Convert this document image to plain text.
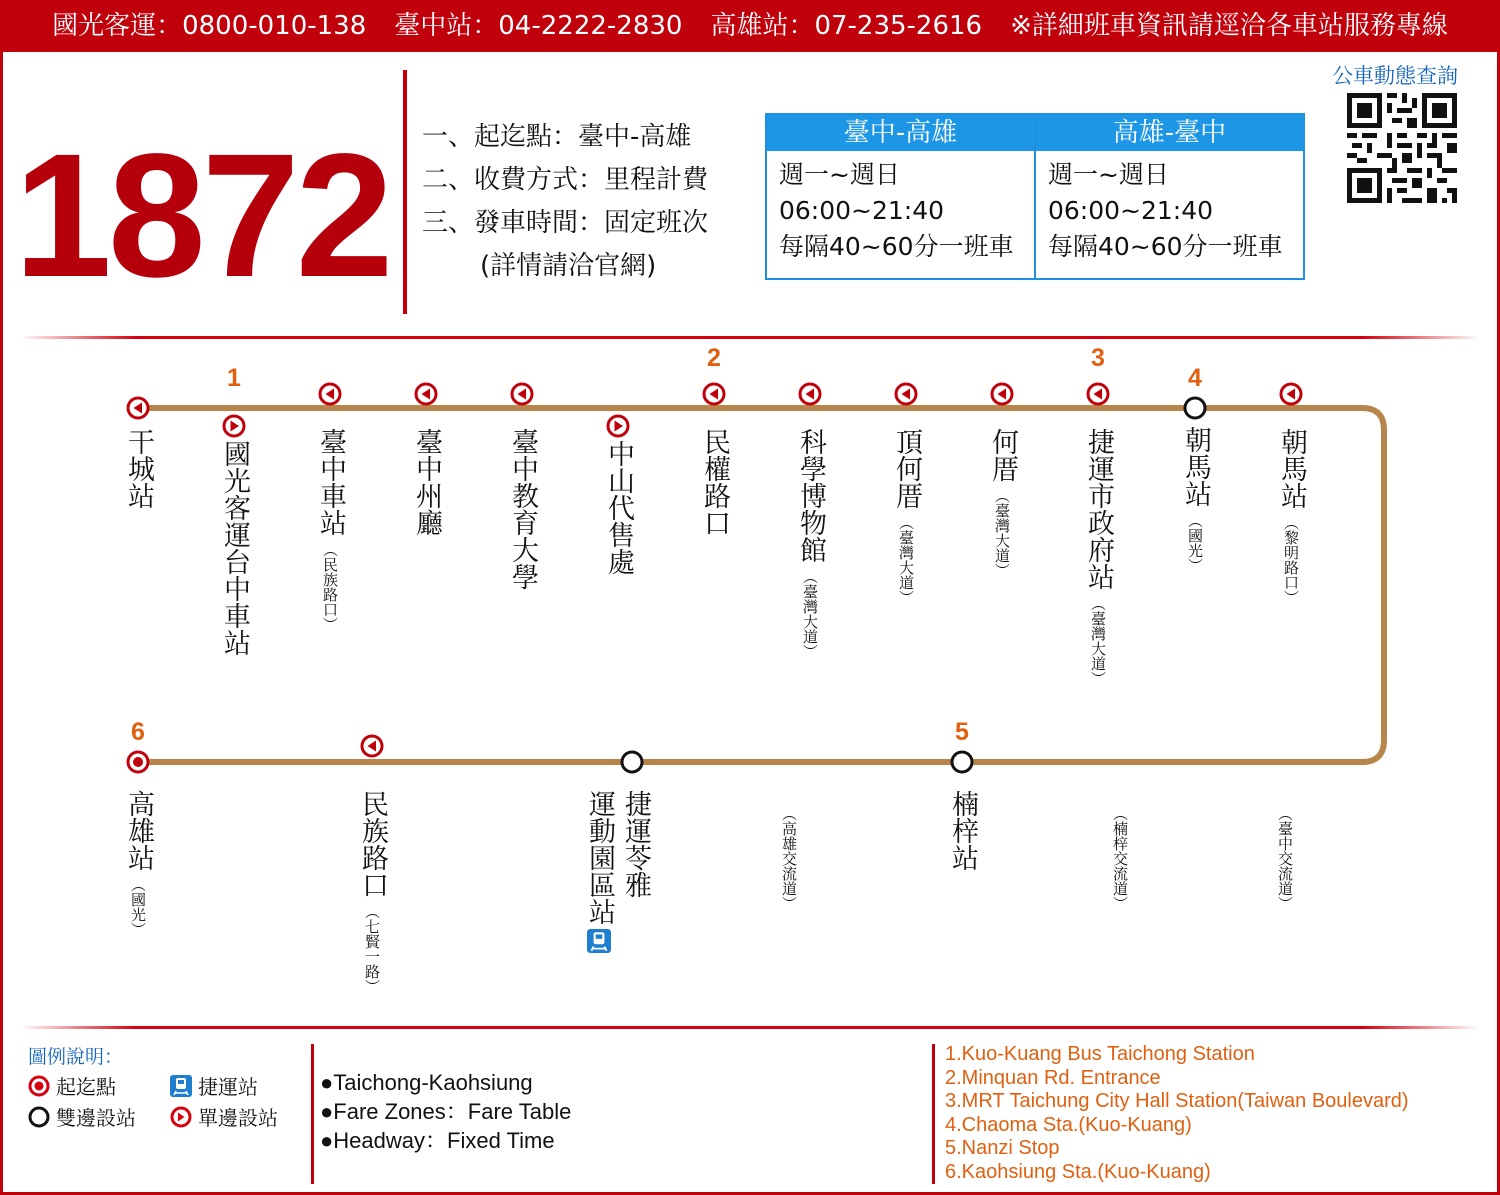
國光客運：0800-010-138 臺中站：04-2222-2830 高雄站：07-235-2616 ※詳細班車資訊請逕洽各車站服務專線
1872 一、起迄點：臺中-高雄
二、收費方式：里程計費
三、發車時間：固定班次
(詳情請洽官網)
臺中-高雄
週一~週日
06:00~21:40
每隔40~60分一班車
高雄-臺中
週一~週日
06:00~21:40
每隔40~60分一班車
公車動態查詢
干城站 國光客運台中車站
1
臺中車站
（民族路口）
臺中州廳 臺中教育大學 中山代售處 民權路口
2
科學博物館
（臺灣大道）
頂何厝
（臺灣大道）
何厝
（臺灣大道）	捷運市政府站
（臺灣大道）
3
朝馬站
（國光）
4
朝馬站
（黎明路口）
高雄站
（國光）
6
民族路口
（七賢一路）
捷運苓雅
運動園區站	（高雄交流道）	楠梓站
5
（楠梓交流道）	（臺中交流道）
圖例說明：
起迄點
雙邊設站
捷運站
單邊設站
●Taichong-Kaohsiung
●Fare Zones：Fare Table
●Headway：Fixed Time
1.Kuo-Kuang Bus Taichong Station
2.Minquan Rd. Entrance
3.MRT Taichung City Hall Station(Taiwan Boulevard)
4.Chaoma Sta.(Kuo-Kuang)
5.Nanzi Stop
6.Kaohsiung Sta.(Kuo-Kuang)
